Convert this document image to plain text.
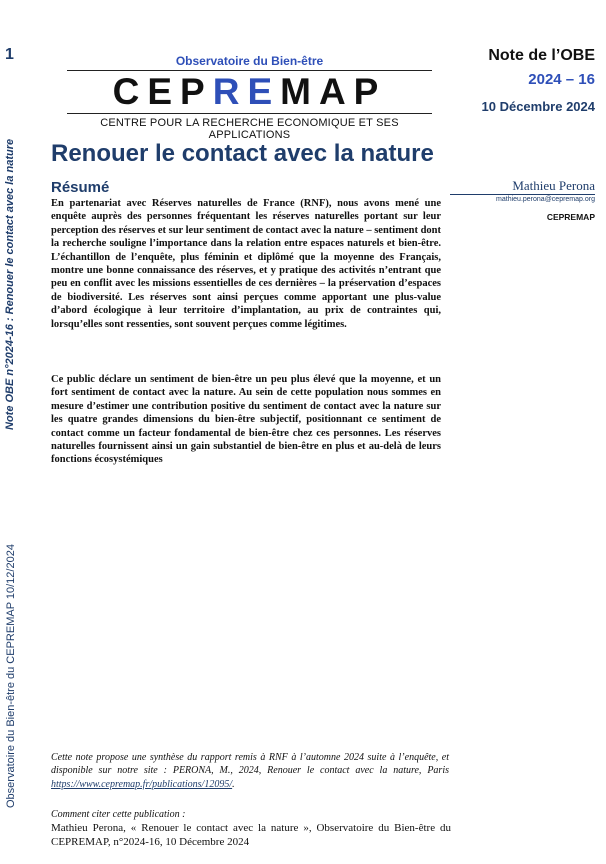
1
Note OBE n°2024-16 : Renouer le contact avec la nature
Observatoire du Bien-être du CEPREMAP 10/12/2024
Observatoire du Bien-être
CEPREMAP
CENTRE POUR LA RECHERCHE ECONOMIQUE ET SES APPLICATIONS
Note de l’OBE
2024 – 16
10 Décembre 2024
Renouer le contact avec la nature
Résumé	Mathieu Perona
mathieu.perona@cepremap.org
CEPREMAP

En partenariat avec Réserves naturelles de France (RNF), nous avons mené une enquête auprès des personnes fréquentant les réserves naturelles portant sur leur perception des réserves et sur leur sentiment de contact avec la nature – sentiment dont la recherche souligne l’importance dans la relation entre espaces naturels et bien-être. L’échantillon de l’enquête, plus féminin et diplômé que la moyenne des Français, montre une bonne connaissance des réserves, et y pratique des activités n’entrant que peu en conflit avec les missions essentielles de ces dernières – la préservation d’espaces de biodiversité. Les réserves sont ainsi perçues comme apportant une plus-value d’abord écologique à leur territoire d’implantation, au prix de contraintes qui, lorsqu’elles sont ressenties, sont souvent perçues comme légitimes.

Ce public déclare un sentiment de bien-être un peu plus élevé que la moyenne, et un fort sentiment de contact avec la nature. Au sein de cette population nous sommes en mesure d’estimer une contribution positive du sentiment de contact avec la nature sur les quatre grandes dimensions du bien-être subjectif, positionnant ce sentiment de contact comme un facteur fondamental de bien-être chez ces personnes. Les réserves naturelles fournissent ainsi un gain substantiel de bien-être en plus et au-delà de leurs fonctions écosystémiques

Cette note propose une synthèse du rapport remis à RNF à l’automne 2024 suite à l’enquête, et disponible sur notre site : PERONA, M., 2024, Renouer le contact avec la nature, Paris https://www.cepremap.fr/publications/12095/.

Comment citer cette publication :

Mathieu Perona, « Renouer le contact avec la nature », Observatoire du Bien-être du CEPREMAP, n°2024-16, 10 Décembre 2024
